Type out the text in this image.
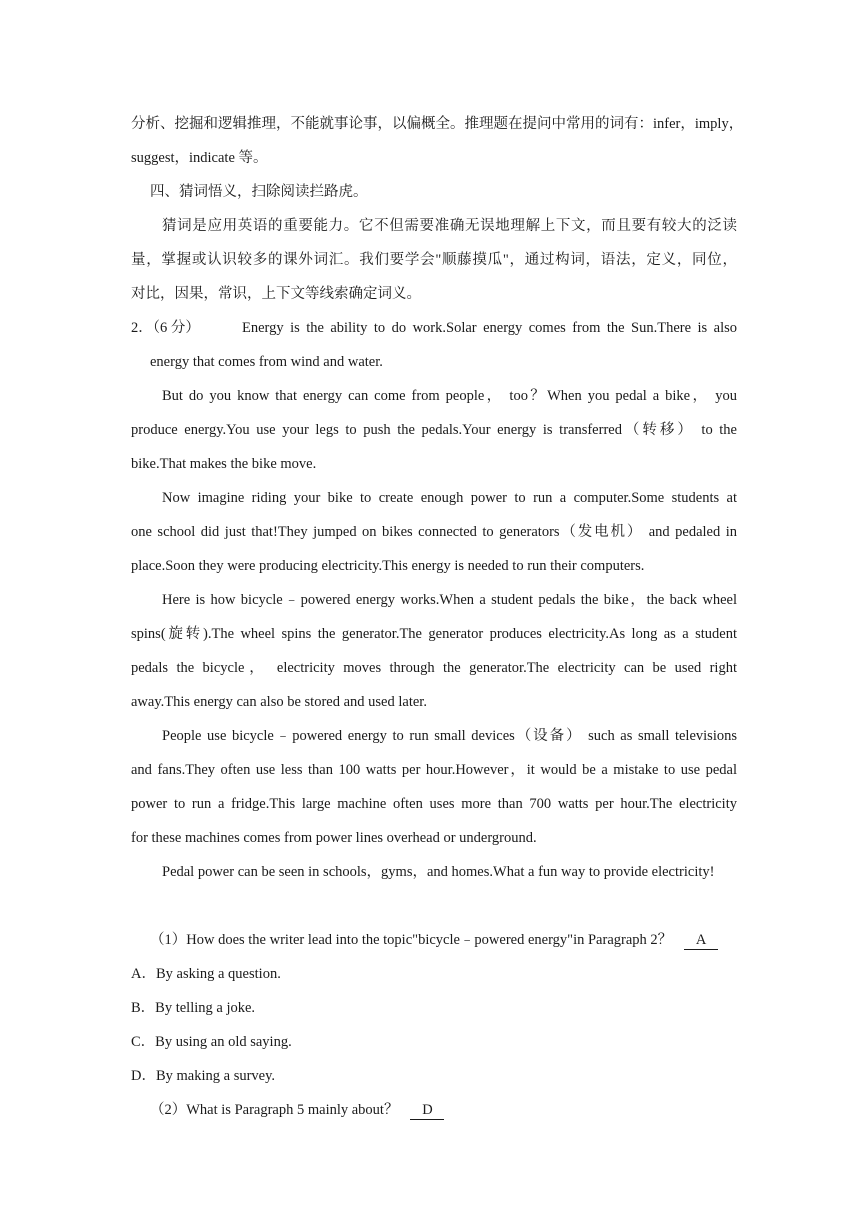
分析、挖掘和逻辑推理，不能就事论事，以偏概全。推理题在提问中常用的词有：infer，imply，
suggest，indicate 等。
四、猜词悟义，扫除阅读拦路虎。
猜词是应用英语的重要能力。它不但需要准确无误地理解上下文，而且要有较大的泛读
量，掌握或认识较多的课外词汇。我们要学会"顺藤摸瓜"，通过构词，语法，定义，同位，
对比，因果，常识，上下文等线索确定词义。
2．（6 分）	Energy is the ability to do work.Solar energy comes from the Sun.There is also
energy that comes from wind and water.
But do you know that energy can come from people， too？When you pedal a bike， you
produce energy.You use your legs to push the pedals.Your energy is transferred（转移） to the
bike.That makes the bike move.
Now imagine riding your bike to create enough power to run a computer.Some students at
one school did just that!They jumped on bikes connected to generators（发电机） and pedaled in
place.Soon they were producing electricity.This energy is needed to run their computers.
Here is how bicycle﹣powered energy works.When a student pedals the bike，the back wheel
spins(旋转).The wheel spins the generator.The generator produces electricity.As long as a student
pedals the bicycle， electricity moves through the generator.The electricity can be used right
away.This energy can also be stored and used later.
People use bicycle﹣powered energy to run small devices（设备） such as small televisions
and fans.They often use less than 100 watts per hour.However，it would be a mistake to use pedal
power to run a fridge.This large machine often uses more than 700 watts per hour.The electricity
for these machines comes from power lines overhead or underground.
Pedal power can be seen in schools，gyms，and homes.What a fun way to provide electricity!
（1）How does the writer lead into the topic"bicycle﹣powered energy"in Paragraph 2？ A
A．By asking a question.
B．By telling a joke.
C．By using an old saying.
D．By making a survey.
（2）What is Paragraph 5 mainly about？ D
